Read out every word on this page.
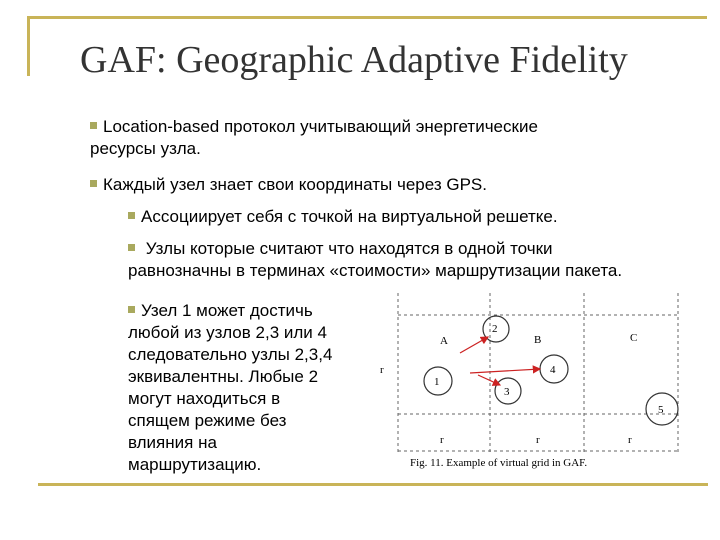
GAF: Geographic Adaptive Fidelity
Location-based протокол учитывающий энергетические
ресурсы узла.
Каждый узел знает свои координаты через GPS.
Ассоциирует себя с точкой на виртуальной решетке.
Узлы которые считают что находятся в одной точки
равнозначны в терминах «стоимости» маршрутизации пакета.
Узел 1 может достичь
любой из узлов 2,3 или 4
следовательно узлы 2,3,4
эквивалентны. Любые 2
могут находиться в
спящем режиме без
влияния на
маршрутизацию.
A	B	C
r
r	r	r
1
2
3
4
5
Fig. 11. Example of virtual grid in GAF.
